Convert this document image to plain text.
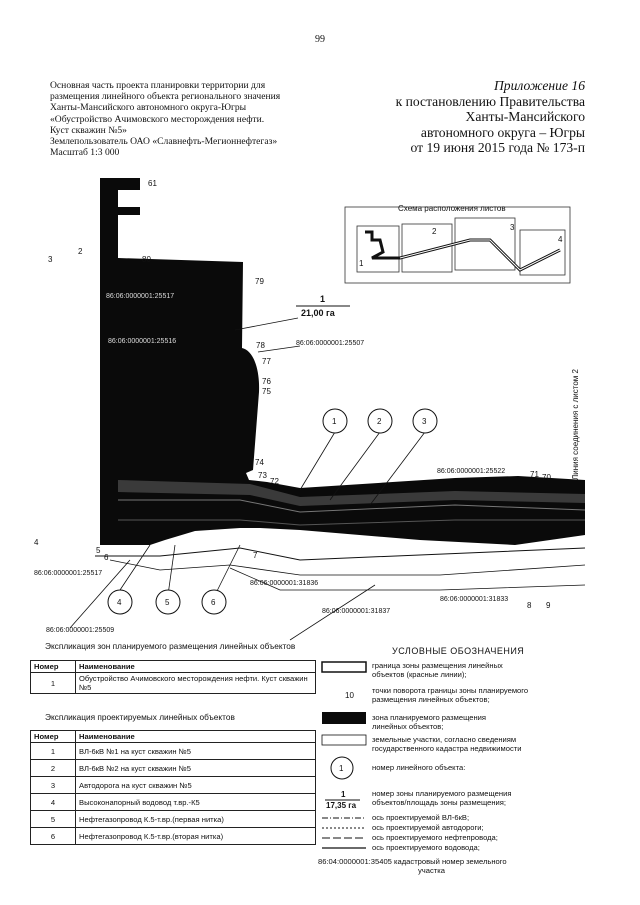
99
Основная часть проекта планировки территории для
размещения линейного объекта регионального значения
Ханты-Мансийского автономного округа-Югры
«Обустройство Ачимовского месторождения нефти.
Куст скважин №5»
Землепользователь ОАО «Славнефть-Мегионнефтегаз»
Масштаб 1:3 000
Приложение 16
к постановлению Правительства
Ханты-Мансийского
автономного округа – Югры
от 19 июня 2015 года № 173-п
Схема расположения листов
1
2	3
4
Линия соединения с листом 2
1
21,00 га
61
80
2
3
79
78
77
76
75
74
73
72
71 70
4
5
6	7
8 9
1	2	3
4	5	6
86:06:0000001:25517
86:06:0000001:25516	86:06:0000001:25507
86:06:0000001:25522
86:06:0000001:25517
86:06:0000001:31836
86:06:0000001:31837
86:06:0000001:31833
86:06:0000001:25509
10
1
1
17,35 га
Экспликация зон планируемого размещения линейных объектов
Номер	Наименование
1	Обустройство Ачимовского месторождения нефти. Куст скважин №5
Экспликация проектируемых линейных объектов
Номер	Наименование
1	ВЛ-6кВ №1 на куст скважин №5
2	ВЛ-6кВ №2 на куст скважин №5
3	Автодорога на куст скважин №5
4	Высоконапорный водовод т.вр.-К5
5	Нефтегазопровод К.5-т.вр.(первая нитка)
6	Нефтегазопровод К.5-т.вр.(вторая нитка)
УСЛОВНЫЕ ОБОЗНАЧЕНИЯ
граница зоны размещения линейных
объектов (красные линии);
точки поворота границы зоны планируемого
размещения линейных объектов;
зона планируемого размещения
линейных объектов;
земельные участки, согласно сведениям
государственного кадастра недвижимости
номер линейного объекта:
номер зоны планируемого размещения
объектов/площадь зоны размещения;
ось проектируемой ВЛ-6кВ;
ось проектируемой автодороги;
ось проектируемого нефтепровода;
ось проектируемого водовода;
86:04:0000001:35405 кадастровый номер земельного
участка
